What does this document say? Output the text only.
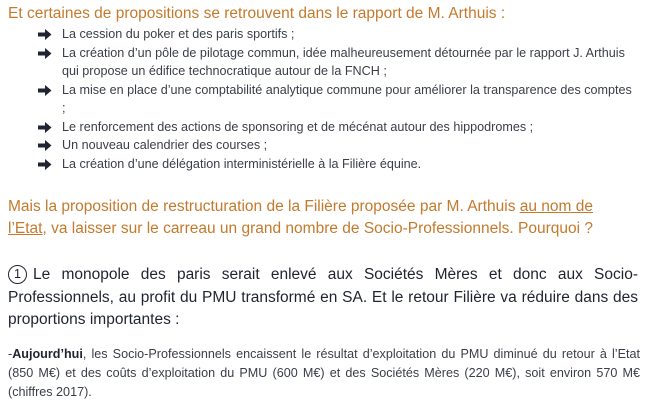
Et certaines de propositions se retrouvent dans le rapport de M. Arthuis :
La cession du poker et des paris sportifs ;
La création d’un pôle de pilotage commun, idée malheureusement détournée par le rapport J. Arthuis qui propose un édifice technocratique autour de la FNCH ;
La mise en place d’une comptabilité analytique commune pour améliorer la transparence des comptes ;
Le renforcement des actions de sponsoring et de mécénat autour des hippodromes ;
Un nouveau calendrier des courses ;
La création d’une délégation interministérielle à la Filière équine.
Mais la proposition de restructuration de la Filière proposée par M. Arthuis au nom de l’Etat, va laisser sur le carreau un grand nombre de Socio-Professionnels. Pourquoi ?
1 Le monopole des paris serait enlevé aux Sociétés Mères et donc aux Socio-Professionnels, au profit du PMU transformé en SA. Et le retour Filière va réduire dans des proportions importantes :
-Aujourd’hui, les Socio-Professionnels encaissent le résultat d’exploitation du PMU diminué du retour à l’Etat (850 M€) et des coûts d’exploitation du PMU (600 M€) et des Sociétés Mères (220 M€), soit environ 570 M€ (chiffres 2017).
